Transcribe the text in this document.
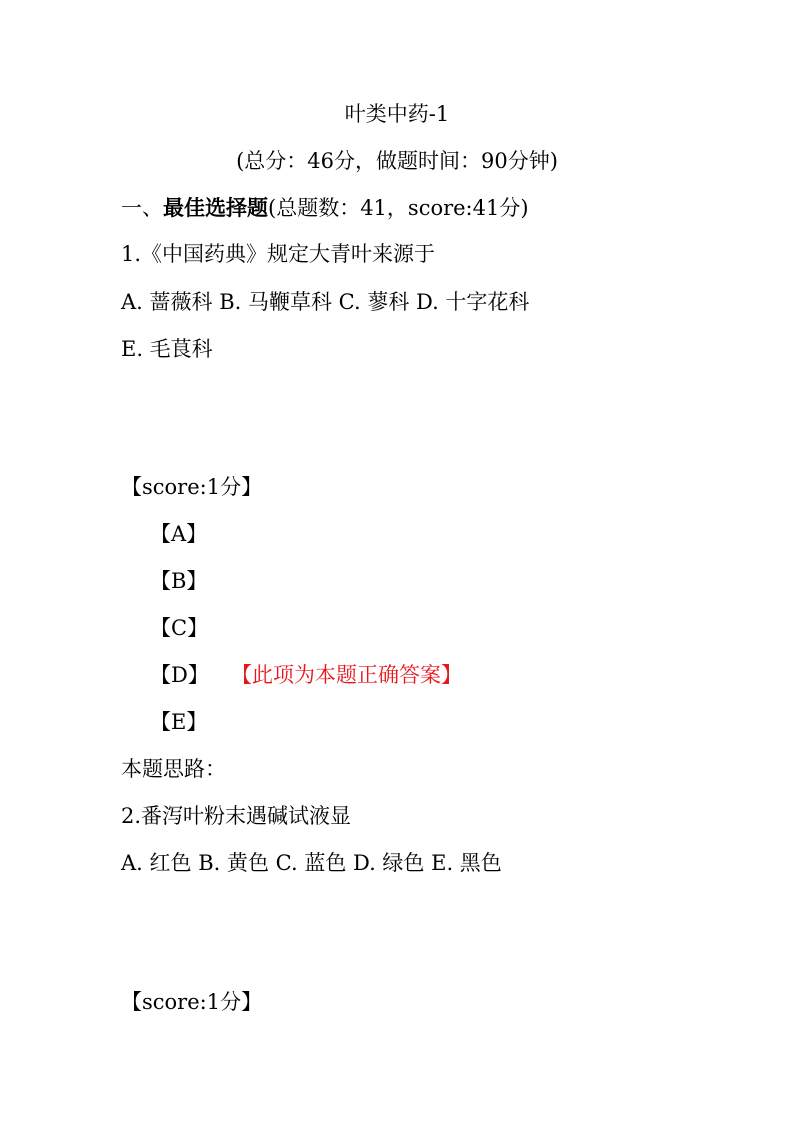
叶类中药-1
(总分：46分，做题时间：90分钟)
一、最佳选择题(总题数：41，score:41分)
1.《中国药典》规定大青叶来源于
A. 蔷薇科 B. 马鞭草科 C. 蓼科 D. 十字花科
E. 毛茛科
【score:1分】
【A】
【B】
【C】
【D】 【此项为本题正确答案】
【E】
本题思路：
2.番泻叶粉末遇碱试液显
A. 红色 B. 黄色 C. 蓝色 D. 绿色 E. 黑色
【score:1分】
